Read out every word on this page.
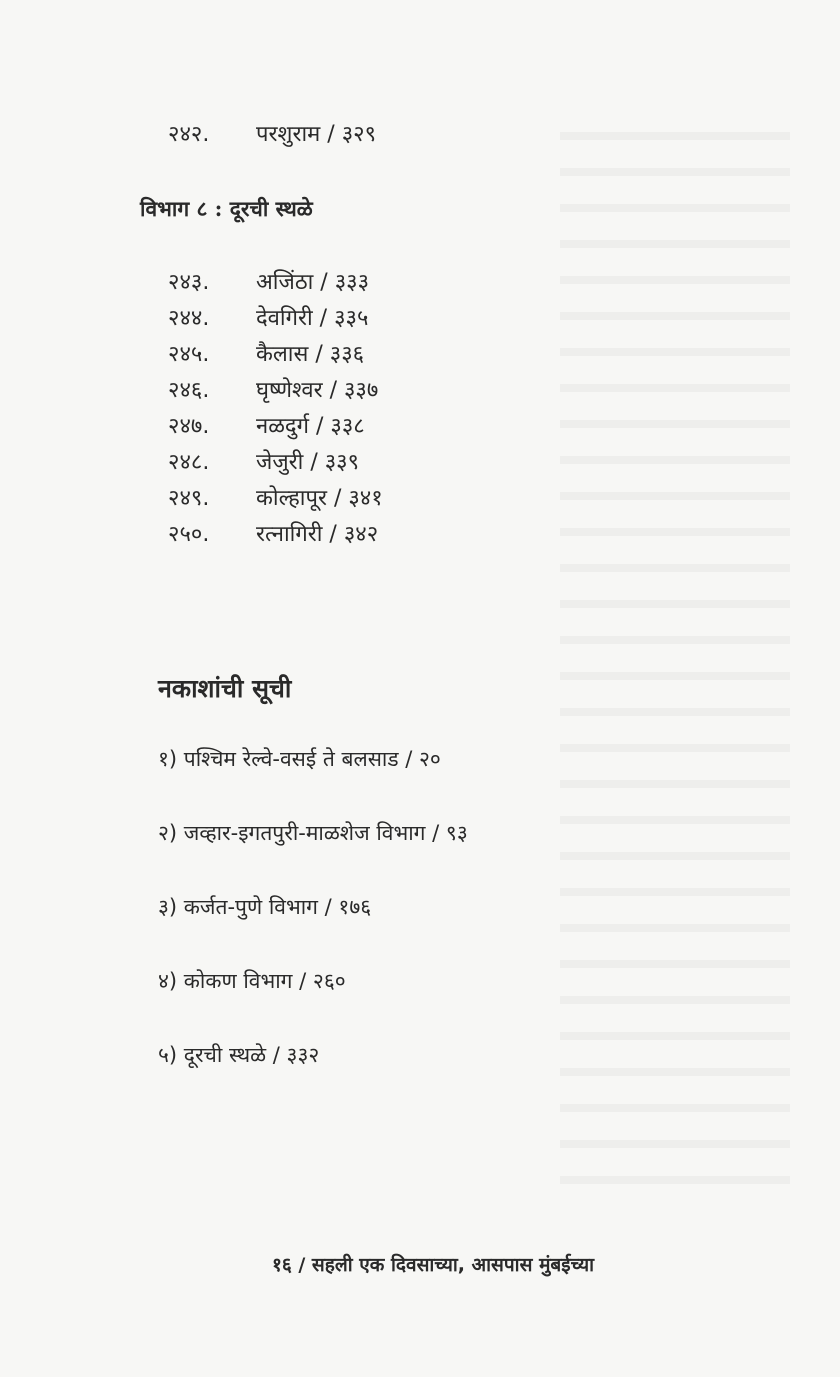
२४२. परशुराम / ३२९
विभाग ८ : दूरची स्थळे
२४३. अजिंठा / ३३३
२४४. देवगिरी / ३३५
२४५. कैलास / ३३६
२४६. घृष्णेश्वर / ३३७
२४७. नळदुर्ग / ३३८
२४८. जेजुरी / ३३९
२४९. कोल्हापूर / ३४१
२५०. रत्नागिरी / ३४२
नकाशांची सूची
१) पश्चिम रेल्वे-वसई ते बलसाड / २०
२) जव्हार-इगतपुरी-माळशेज विभाग / ९३
३) कर्जत-पुणे विभाग / १७६
४) कोकण विभाग / २६०
५) दूरची स्थळे / ३३२
१६ / सहली एक दिवसाच्या, आसपास मुंबईच्या
